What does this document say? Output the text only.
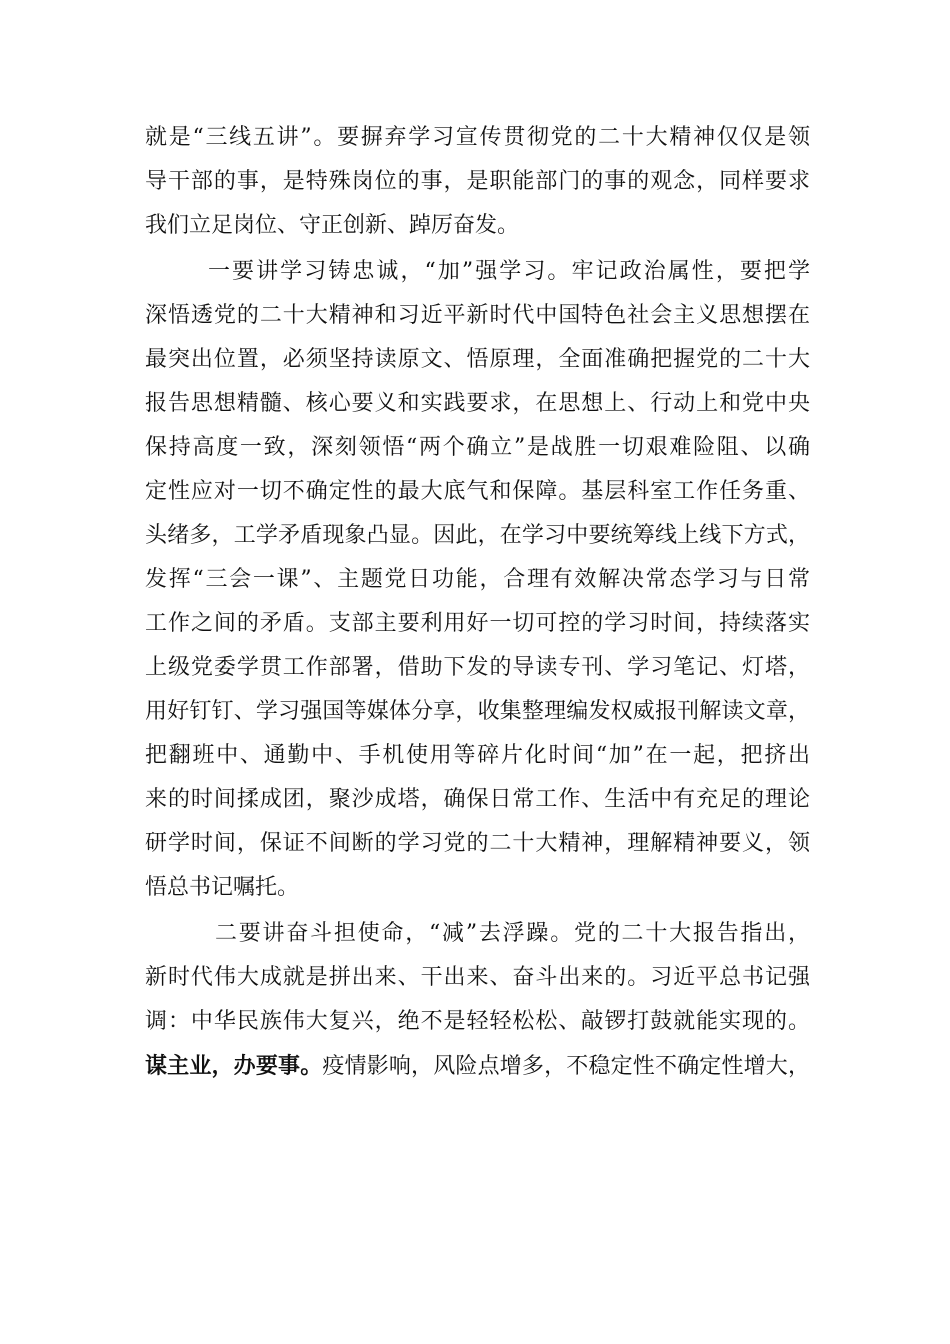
就是“三线五讲”。要摒弃学习宣传贯彻党的二十大精神仅仅是领
导干部的事，是特殊岗位的事，是职能部门的事的观念，同样要求
我们立足岗位、守正创新、踔厉奋发。
一要讲学习铸忠诚，“加”强学习。牢记政治属性，要把学
深悟透党的二十大精神和习近平新时代中国特色社会主义思想摆在
最突出位置，必须坚持读原文、悟原理，全面准确把握党的二十大
报告思想精髓、核心要义和实践要求，在思想上、行动上和党中央
保持高度一致，深刻领悟“两个确立”是战胜一切艰难险阻、以确
定性应对一切不确定性的最大底气和保障。基层科室工作任务重、
头绪多，工学矛盾现象凸显。因此，在学习中要统筹线上线下方式，
发挥“三会一课”、主题党日功能，合理有效解决常态学习与日常
工作之间的矛盾。支部主要利用好一切可控的学习时间，持续落实
上级党委学贯工作部署，借助下发的导读专刊、学习笔记、灯塔，
用好钉钉、学习强国等媒体分享，收集整理编发权威报刊解读文章，
把翻班中、通勤中、手机使用等碎片化时间“加”在一起，把挤出
来的时间揉成团，聚沙成塔，确保日常工作、生活中有充足的理论
研学时间，保证不间断的学习党的二十大精神，理解精神要义，领
悟总书记嘱托。
二要讲奋斗担使命，“减”去浮躁。党的二十大报告指出，
新时代伟大成就是拼出来、干出来、奋斗出来的。习近平总书记强
调：中华民族伟大复兴，绝不是轻轻松松、敲锣打鼓就能实现的。
谋主业，办要事。疫情影响，风险点增多，不稳定性不确定性增大，
